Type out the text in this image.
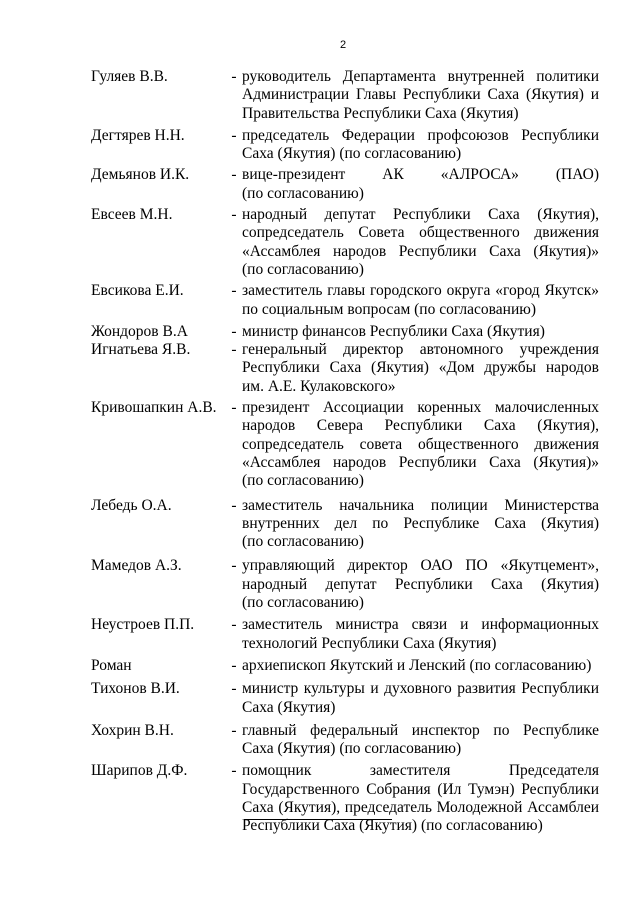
2
Гуляев В.В.	- руководитель Департамента внутренней политики
Администрации Главы Республики Саха (Якутия) и
Правительства Республики Саха (Якутия)
Дегтярев Н.Н.	- председатель Федерации профсоюзов Республики
Саха (Якутия) (по согласованию)
Демьянов И.К.	- вице-президент АК «АЛРОСА» (ПАО)
(по согласованию)
Евсеев М.Н.	- народный депутат Республики Саха (Якутия),
сопредседатель Совета общественного движения
«Ассамблея народов Республики Саха (Якутия)»
(по согласованию)
Евсикова Е.И.	- заместитель главы городского округа «город Якутск»
по социальным вопросам (по согласованию)
Жондоров В.А	- министр финансов Республики Саха (Якутия)
Игнатьева Я.В.	- генеральный директор автономного учреждения
Республики Саха (Якутия) «Дом дружбы народов
им. А.Е. Кулаковского»
Кривошапкин А.В. - президент Ассоциации коренных малочисленных
народов Севера Республики Саха (Якутия),
сопредседатель совета общественного движения
«Ассамблея народов Республики Саха (Якутия)»
(по согласованию)
Лебедь О.А.	- заместитель начальника полиции Министерства
внутренних дел по Республике Саха (Якутия)
(по согласованию)
Мамедов А.З.	- управляющий директор ОАО ПО «Якутцемент»,
народный депутат Республики Саха (Якутия)
(по согласованию)
Неустроев П.П.	- заместитель министра связи и информационных
технологий Республики Саха (Якутия)
Роман	- архиепископ Якутский и Ленский (по согласованию)
Тихонов В.И.	- министр культуры и духовного развития Республики
Саха (Якутия)
Хохрин В.Н.	- главный федеральный инспектор по Республике
Саха (Якутия) (по согласованию)
Шарипов Д.Ф.	- помощник заместителя Председателя
Государственного Собрания (Ил Тумэн) Республики
Саха (Якутия), председатель Молодежной Ассамблеи
Республики Саха (Якутия) (по согласованию)
